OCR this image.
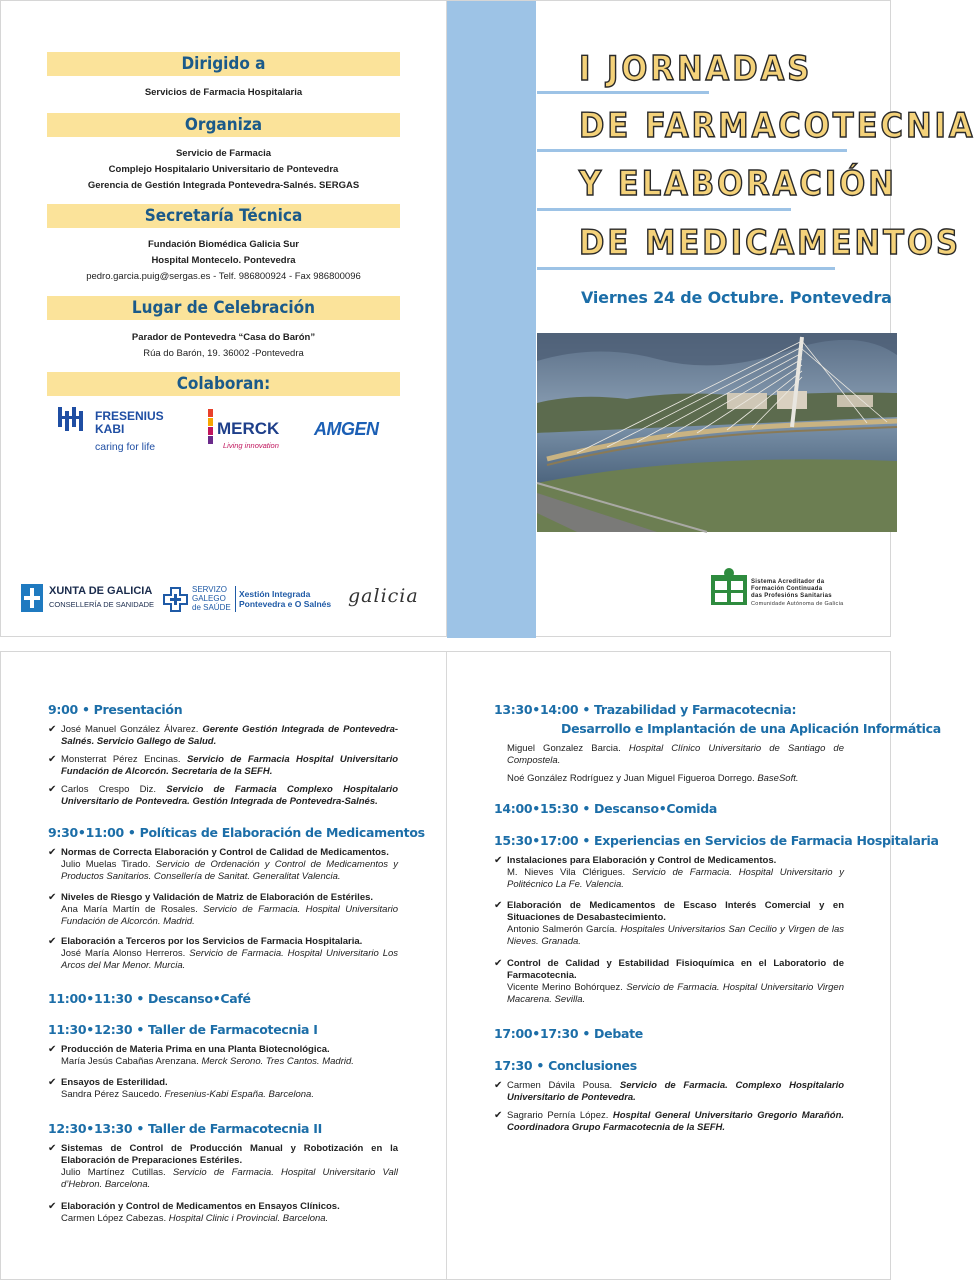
Dirigido a
Servicios de Farmacia Hospitalaria
Organiza
Servicio de Farmacia
Complejo Hospitalario Universitario de Pontevedra
Gerencia de Gestión Integrada Pontevedra-Salnés. SERGAS
Secretaría Técnica
Fundación Biomédica Galicia Sur
Hospital Montecelo. Pontevedra
pedro.garcia.puig@sergas.es - Telf. 986800924 - Fax 986800096
Lugar de Celebración
Parador de Pontevedra “Casa do Barón”
Rúa do Barón, 19. 36002 -Pontevedra
Colaboran:
FRESENIUS
KABI
caring for life
MERCK
Living innovation
AMGEN
XUNTA DE GALICIA
CONSELLERÍA DE SANIDADE
SERVIZO
GALEGO
de SAÚDE
Xestión Integrada
Pontevedra e O Salnés galicia
I JORNADAS
DE FARMACOTECNIA
Y ELABORACIÓN
DE MEDICAMENTOS
Viernes 24 de Octubre. Pontevedra
Sistema Acreditador da
Formación Continuada
das Profesións Sanitarias
Comunidade Autónoma de Galicia
9:00 • Presentación
✔ José Manuel González Álvarez. Gerente Gestión Integrada de Pontevedra-Salnés. Servicio Gallego de Salud.
✔ Monsterrat Pérez Encinas. Servicio de Farmacia Hospital Universitario Fundación de Alcorcón. Secretaria de la SEFH.
✔ Carlos Crespo Diz. Servicio de Farmacia Complexo Hospitalario Universitario de Pontevedra. Gestión Integrada de Pontevedra-Salnés.
9:30•11:00 • Políticas de Elaboración de Medicamentos
✔ Normas de Correcta Elaboración y Control de Calidad de Medicamentos.
Julio Muelas Tirado. Servicio de Ordenación y Control de Medicamentos y Productos Sanitarios. Consellería de Sanitat. Generalitat Valencia.
✔ Niveles de Riesgo y Validación de Matriz de Elaboración de Estériles.
Ana María Martín de Rosales. Servicio de Farmacia. Hospital Universitario Fundación de Alcorcón. Madrid.
✔ Elaboración a Terceros por los Servicios de Farmacia Hospitalaria.
José María Alonso Herreros. Servicio de Farmacia. Hospital Universitario Los Arcos del Mar Menor. Murcia.
11:00•11:30 • Descanso•Café
11:30•12:30 • Taller de Farmacotecnia I
✔ Producción de Materia Prima en una Planta Biotecnológica.
María Jesús Cabañas Arenzana. Merck Serono. Tres Cantos. Madrid.
✔ Ensayos de Esterilidad.
Sandra Pérez Saucedo. Fresenius-Kabi España. Barcelona.
12:30•13:30 • Taller de Farmacotecnia II
✔ Sistemas de Control de Producción Manual y Robotización en la Elaboración de Preparaciones Estériles.
Julio Martínez Cutillas. Servicio de Farmacia. Hospital Universitario Vall d’Hebron. Barcelona.
✔ Elaboración y Control de Medicamentos en Ensayos Clínicos.
Carmen López Cabezas. Hospital Clinic i Provincial. Barcelona.
13:30•14:00 • Trazabilidad y Farmacotecnia:
Desarrollo e Implantación de una Aplicación Informática
Miguel Gonzalez Barcia. Hospital Clínico Universitario de Santiago de Compostela.
Noé González Rodríguez y Juan Miguel Figueroa Dorrego. BaseSoft.
14:00•15:30 • Descanso•Comida
15:30•17:00 • Experiencias en Servicios de Farmacia Hospitalaria
✔ Instalaciones para Elaboración y Control de Medicamentos.
M. Nieves Vila Clérigues. Servicio de Farmacia. Hospital Universitario y Politécnico La Fe. Valencia.
✔ Elaboración de Medicamentos de Escaso Interés Comercial y en Situaciones de Desabastecimiento.
Antonio Salmerón García. Hospitales Universitarios San Cecilio y Virgen de las Nieves. Granada.
✔ Control de Calidad y Estabilidad Fisioquímica en el Laboratorio de Farmacotecnia.
Vicente Merino Bohórquez. Servicio de Farmacia. Hospital Universitario Virgen Macarena. Sevilla.
17:00•17:30 • Debate
17:30 • Conclusiones
✔ Carmen Dávila Pousa. Servicio de Farmacia. Complexo Hospitalario Universitario de Pontevedra.
✔ Sagrario Pernía López. Hospital General Universitario Gregorio Marañón. Coordinadora Grupo Farmacotecnia de la SEFH.
